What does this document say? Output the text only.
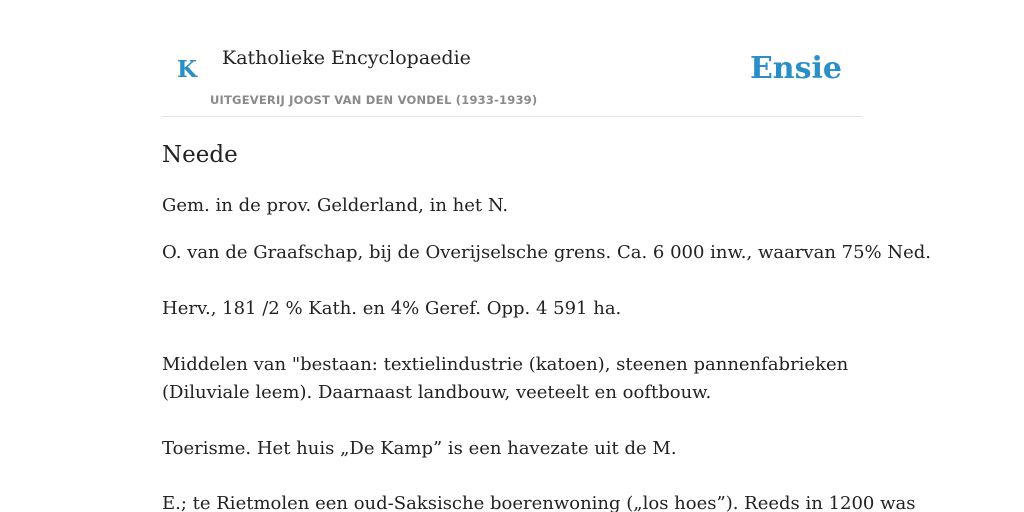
K Katholieke Encyclopaedie
UITGEVERIJ JOOST VAN DEN VONDEL (1933-1939)
Ensie
Neede

Gem. in de prov. Gelderland, in het N.

O. van de Graafschap, bij de Overijselsche grens. Ca. 6 000 inw., waarvan 75% Ned.

Herv., 181 /2 % Kath. en 4% Geref. Opp. 4 591 ha.

Middelen van "bestaan: textielindustrie (katoen), steenen pannenfabrieken
(Diluviale leem). Daarnaast landbouw, veeteelt en ooftbouw.

Toerisme. Het huis „De Kamp” is een havezate uit de M.

E.; te Rietmolen een oud-Saksische boerenwoning („los hoes”). Reeds in 1200 was
